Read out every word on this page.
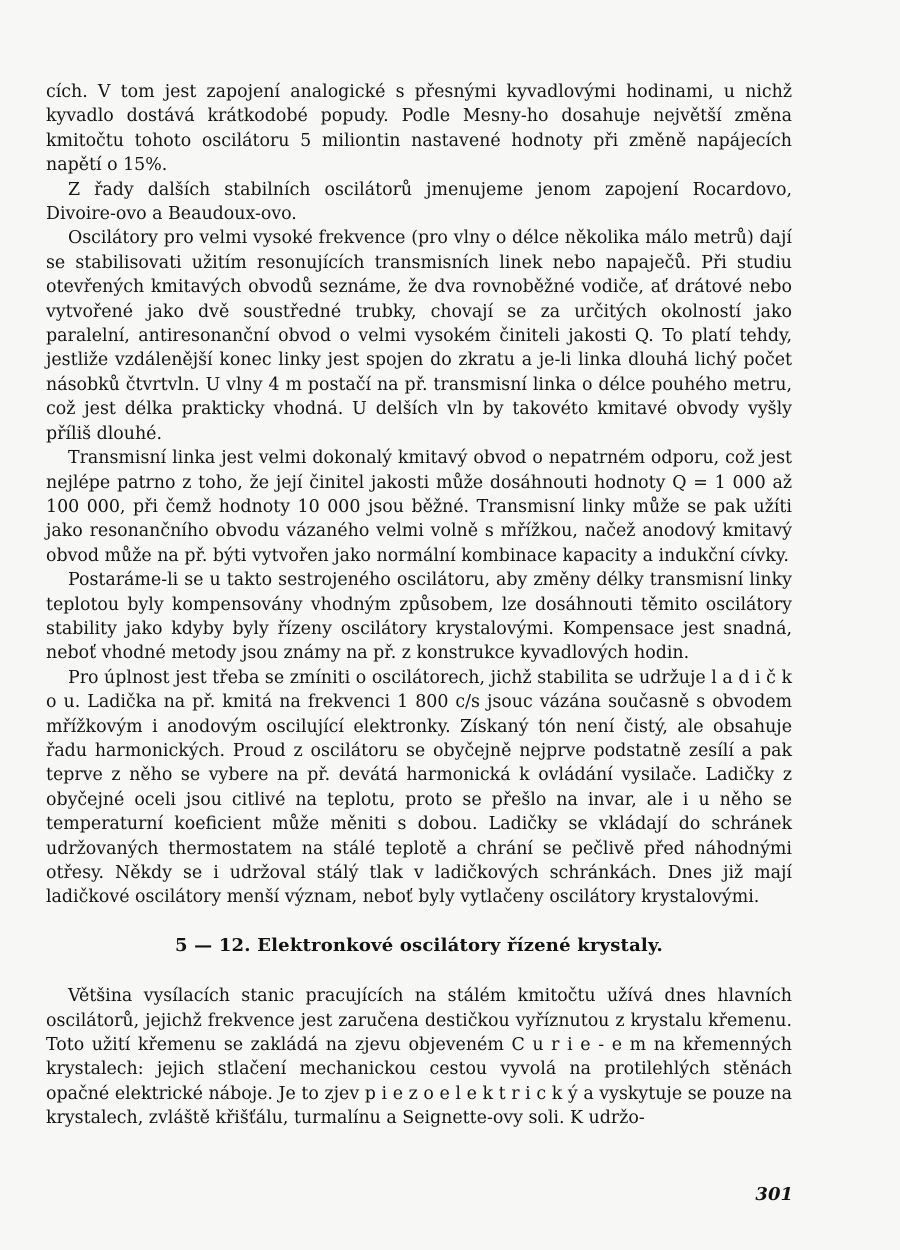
cích. V tom jest zapojení analogické s přesnými kyvadlovými hodinami, u nichž kyvadlo dostává krátkodobé popudy. Podle Mesny-ho dosahuje největší změna kmitočtu tohoto oscilátoru 5 miliontin nastavené hodnoty při změně napájecích napětí o 15%.

Z řady dalších stabilních oscilátorů jmenujeme jenom zapojení Rocardovo, Divoire-ovo a Beaudoux-ovo.

Oscilátory pro velmi vysoké frekvence (pro vlny o délce několika málo metrů) dají se stabilisovati užitím resonujících transmisních linek nebo napaječů. Při studiu otevřených kmitavých obvodů seznáme, že dva rovnoběžné vodiče, ať drátové nebo vytvořené jako dvě soustředné trubky, chovají se za určitých okolností jako paralelní, antiresonanční obvod o velmi vysokém činiteli jakosti Q. To platí tehdy, jestliže vzdálenější konec linky jest spojen do zkratu a je-li linka dlouhá lichý počet násobků čtvrtvln. U vlny 4 m postačí na př. transmisní linka o délce pouhého metru, což jest délka prakticky vhodná. U delších vln by takovéto kmitavé obvody vyšly příliš dlouhé.

Transmisní linka jest velmi dokonalý kmitavý obvod o nepatrném odporu, což jest nejlépe patrno z toho, že její činitel jakosti může dosáhnouti hodnoty Q = 1 000 až 100 000, při čemž hodnoty 10 000 jsou běžné. Transmisní linky může se pak užíti jako resonančního obvodu vázaného velmi volně s mřížkou, načež anodový kmitavý obvod může na př. býti vytvořen jako normální kombinace kapacity a indukční cívky.

Postaráme-li se u takto sestrojeného oscilátoru, aby změny délky transmisní linky teplotou byly kompensovány vhodným způsobem, lze dosáhnouti těmito oscilátory stability jako kdyby byly řízeny oscilátory krystalovými. Kompensace jest snadná, neboť vhodné metody jsou známy na př. z konstrukce kyvadlových hodin.

Pro úplnost jest třeba se zmíniti o oscilátorech, jichž stabilita se udržuje l a d i č k o u. Ladička na př. kmitá na frekvenci 1 800 c/s jsouc vázána současně s obvodem mřížkovým i anodovým oscilující elektronky. Získaný tón není čistý, ale obsahuje řadu harmonických. Proud z oscilátoru se obyčejně nejprve podstatně zesílí a pak teprve z něho se vybere na př. devátá harmonická k ovládání vysilače. Ladičky z obyčejné oceli jsou citlivé na teplotu, proto se přešlo na invar, ale i u něho se temperaturní koeficient může měniti s dobou. Ladičky se vkládají do schránek udržovaných thermostatem na stálé teplotě a chrání se pečlivě před náhodnými otřesy. Někdy se i udržoval stálý tlak v ladičkových schránkách. Dnes již mají ladičkové oscilátory menší význam, neboť byly vytlačeny oscilátory krystalovými.

5 — 12. Elektronkové oscilátory řízené krystaly.

Většina vysílacích stanic pracujících na stálém kmitočtu užívá dnes hlavních oscilátorů, jejichž frekvence jest zaručena destičkou vyříznutou z krystalu křemenu. Toto užití křemenu se zakládá na zjevu objeveném C u r i e - e m na křemenných krystalech: jejich stlačení mechanickou cestou vyvolá na protilehlých stěnách opačné elektrické náboje. Je to zjev p i e z o e l e k t r i c k ý a vyskytuje se pouze na krystalech, zvláště křišťálu, turmalínu a Seignette-ovy soli. K udržo-

301
